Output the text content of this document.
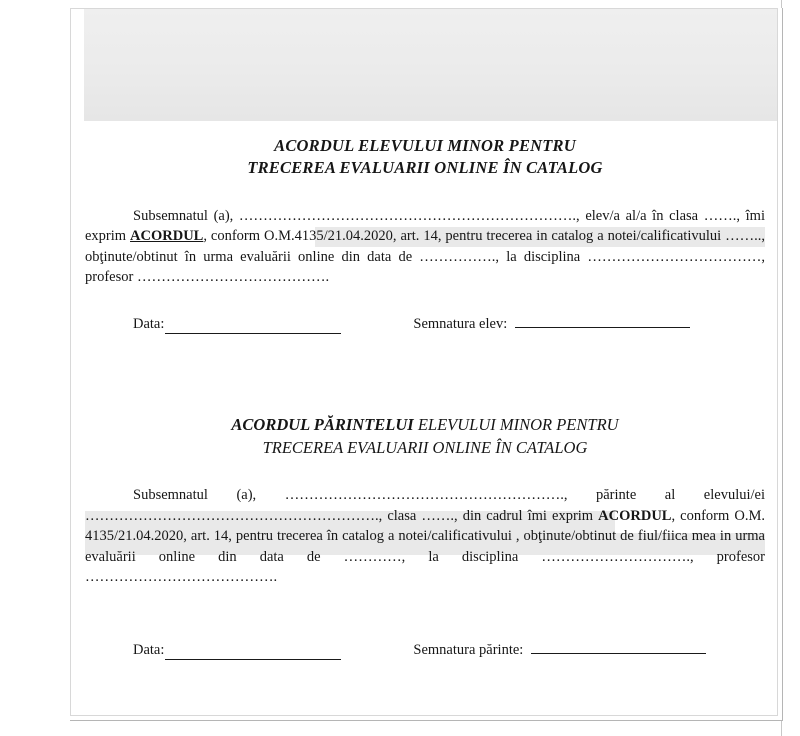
ACORDUL ELEVULUI MINOR PENTRU
TRECEREA EVALUARII ONLINE ÎN CATALOG

Subsemnatul (a), ……………………………………………………………., elev/a al/a în clasa ……., îmi exprim ACORDUL, conform O.M.4135/21.04.2020, art. 14, pentru trecerea in catalog a notei/calificativului …….., obţinute/obtinut în urma evaluării online din data de ……………., la disciplina ………………………………, profesor ………………………………….

Data:	Semnatura elev:
ACORDUL PĂRINTELUI ELEVULUI MINOR PENTRU
TRECEREA EVALUARII ONLINE ÎN CATALOG

Subsemnatul (a), …………………………………………………., părinte al elevului/ei ……………………………………………………., clasa ……., din cadrul îmi exprim ACORDUL, conform O.M. 4135/21.04.2020, art. 14, pentru trecerea în catalog a notei/calificativului , obţinute/obtinut de fiul/fiica mea in urma evaluării online din data de …………, la disciplina …………………………., profesor ………………………………….

Data:	Semnatura părinte:
